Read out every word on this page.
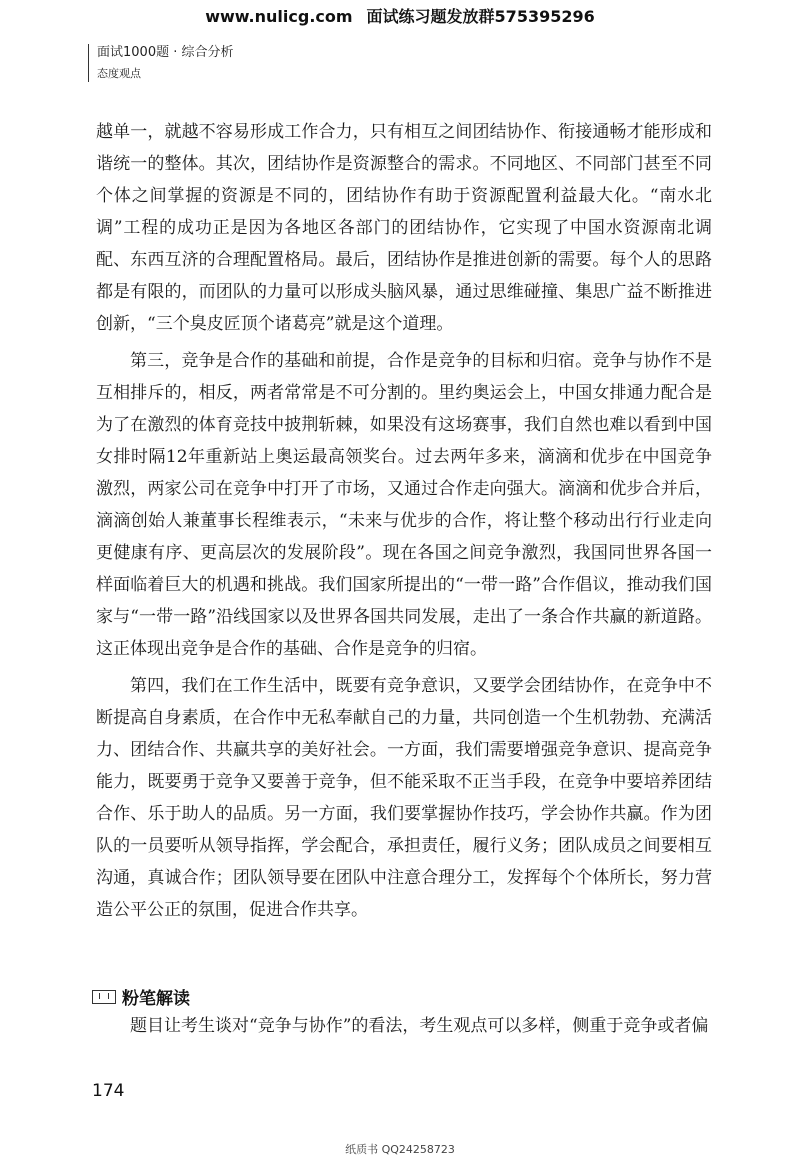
www.nulicg.com 面试练习题发放群575395296
面试1000题 · 综合分析
态度观点

越单一，就越不容易形成工作合力，只有相互之间团结协作、衔接通畅才能形成和谐统一的整体。其次，团结协作是资源整合的需求。不同地区、不同部门甚至不同个体之间掌握的资源是不同的，团结协作有助于资源配置利益最大化。“南水北调”工程的成功正是因为各地区各部门的团结协作，它实现了中国水资源南北调配、东西互济的合理配置格局。最后，团结协作是推进创新的需要。每个人的思路都是有限的，而团队的力量可以形成头脑风暴，通过思维碰撞、集思广益不断推进创新，“三个臭皮匠顶个诸葛亮”就是这个道理。

第三，竞争是合作的基础和前提，合作是竞争的目标和归宿。竞争与协作不是互相排斥的，相反，两者常常是不可分割的。里约奥运会上，中国女排通力配合是为了在激烈的体育竞技中披荆斩棘，如果没有这场赛事，我们自然也难以看到中国女排时隔12年重新站上奥运最高领奖台。过去两年多来，滴滴和优步在中国竞争激烈，两家公司在竞争中打开了市场，又通过合作走向强大。滴滴和优步合并后，滴滴创始人兼董事长程维表示，“未来与优步的合作，将让整个移动出行行业走向更健康有序、更高层次的发展阶段”。现在各国之间竞争激烈，我国同世界各国一样面临着巨大的机遇和挑战。我们国家所提出的“一带一路”合作倡议，推动我们国家与“一带一路”沿线国家以及世界各国共同发展，走出了一条合作共赢的新道路。这正体现出竞争是合作的基础、合作是竞争的归宿。

第四，我们在工作生活中，既要有竞争意识，又要学会团结协作，在竞争中不断提高自身素质，在合作中无私奉献自己的力量，共同创造一个生机勃勃、充满活力、团结合作、共赢共享的美好社会。一方面，我们需要增强竞争意识、提高竞争能力，既要勇于竞争又要善于竞争，但不能采取不正当手段，在竞争中要培养团结合作、乐于助人的品质。另一方面，我们要掌握协作技巧，学会协作共赢。作为团队的一员要听从领导指挥，学会配合，承担责任，履行义务；团队成员之间要相互沟通，真诚合作；团队领导要在团队中注意合理分工，发挥每个个体所长，努力营造公平公正的氛围，促进合作共享。

粉笔解读

题目让考生谈对“竞争与协作”的看法，考生观点可以多样，侧重于竞争或者偏

174
纸质书 QQ24258723
